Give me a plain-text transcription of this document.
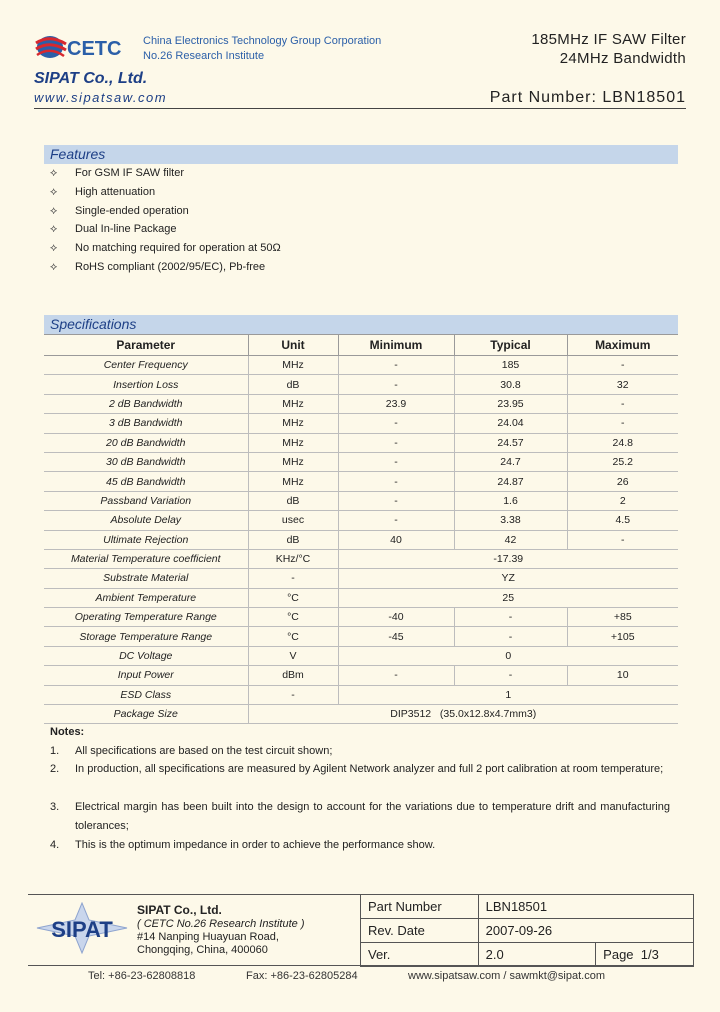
CETC China Electronics Technology Group Corporation
No.26 Research Institute
185MHz IF SAW Filter
24MHz Bandwidth
SIPAT Co., Ltd.
www.sipatsaw.com	Part Number: LBN18501
Features
⟡ For GSM IF SAW filter
⟡ High attenuation
⟡ Single-ended operation
⟡ Dual In-line Package
⟡ No matching required for operation at 50Ω
⟡ RoHS compliant (2002/95/EC), Pb-free
Specifications
Parameter	Unit	Minimum	Typical	Maximum
Center Frequency	MHz	-	185	-
Insertion Loss	dB	-	30.8	32
2 dB Bandwidth	MHz	23.9	23.95	-
3 dB Bandwidth	MHz	-	24.04	-
20 dB Bandwidth	MHz	-	24.57	24.8
30 dB Bandwidth	MHz	-	24.7	25.2
45 dB Bandwidth	MHz	-	24.87	26
Passband Variation	dB	-	1.6	2
Absolute Delay	usec	-	3.38	4.5
Ultimate Rejection	dB	40	42	-
Material Temperature coefficient	KHz/°C	-17.39		
Substrate Material	-	YZ		
Ambient Temperature	°C	25		
Operating Temperature Range	°C	-40	-	+85
Storage Temperature Range	°C	-45	-	+105
DC Voltage	V	0		
Input Power	dBm	-	-	10
ESD Class	-	1		
Package Size	DIP3512   (35.0x12.8x4.7mm3)			
Notes:
1. All specifications are based on the test circuit shown;
2. In production, all specifications are measured by Agilent Network analyzer and full 2 port calibration at room temperature;
3. Electrical margin has been built into the design to account for the variations due to temperature drift and manufacturing tolerances;
4. This is the optimum impedance in order to achieve the performance show.
SIPAT
SIPAT Co., Ltd.
( CETC No.26 Research Institute )
#14 Nanping Huayuan Road,
Chongqing, China, 400060
Part Number	LBN18501	
Rev. Date	2007-09-26	
Ver.	2.0	Page 1/3
Tel: +86-23-62808818	Fax: +86-23-62805284	www.sipatsaw.com / sawmkt@sipat.com
